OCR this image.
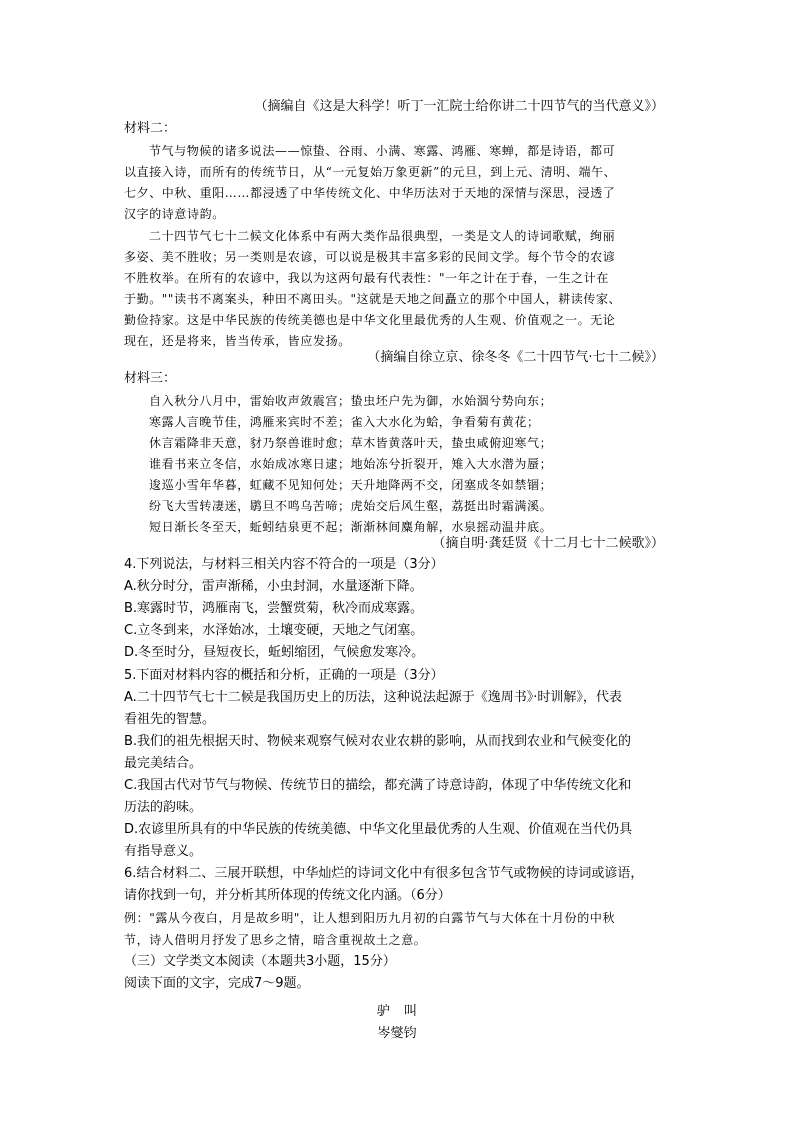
（摘编自《这是大科学！听丁一汇院士给你讲二十四节气的当代意义》）
材料二：
节气与物候的诸多说法——惊蛰、谷雨、小满、寒露、鸿雁、寒蝉，都是诗语，都可
以直接入诗，而所有的传统节日，从“一元复始万象更新”的元旦，到上元、清明、端午、
七夕、中秋、重阳……都浸透了中华传统文化、中华历法对于天地的深情与深思，浸透了
汉字的诗意诗韵。
二十四节气七十二候文化体系中有两大类作品很典型，一类是文人的诗词歌赋，绚丽
多姿、美不胜收；另一类则是农谚，可以说是极其丰富多彩的民间文学。每个节令的农谚
不胜枚举。在所有的农谚中，我以为这两句最有代表性："一年之计在于春，一生之计在
于勤。""读书不离案头，种田不离田头。"这就是天地之间矗立的那个中国人，耕读传家、
勤俭持家。这是中华民族的传统美德也是中华文化里最优秀的人生观、价值观之一。无论
现在，还是将来，皆当传承，皆应发扬。
（摘编自徐立京、徐冬冬《二十四节气·七十二候》）
材料三：
自入秋分八月中，雷始收声敛震宫；蛰虫坯户先为御，水始涸兮势向东；
寒露人言晚节佳，鸿雁来宾时不差；雀入大水化为蛤，争看菊有黄花；
休言霜降非天意，豺乃祭兽谁时愈；草木皆黄落叶天，蛰虫咸俯迎寒气；
谁看书来立冬信，水始成冰寒日逮；地始冻兮折裂开，雉入大水潜为蜃；
逡巡小雪年华暮，虹藏不见知何处；天升地降两不交，闭塞成冬如禁锢；
纷飞大雪转凄迷，鹖旦不鸣乌苦啼；虎始交后风生壑，荔挺出时霜满溪。
短日渐长冬至天，蚯蚓结泉更不起；渐渐林间麋角解，水泉摇动温井底。
（摘自明·龚廷贤《十二月七十二候歌》）
4.下列说法，与材料三相关内容不符合的一项是（3分）
A.秋分时分，雷声渐稀，小虫封洞，水量逐渐下降。
B.寒露时节，鸿雁南飞，尝蟹赏菊，秋冷而成寒露。
C.立冬到来，水泽始冰，土壤变硬，天地之气闭塞。
D.冬至时分，昼短夜长，蚯蚓缩团，气候愈发寒冷。
5.下面对材料内容的概括和分析，正确的一项是（3分）
A.二十四节气七十二候是我国历史上的历法，这种说法起源于《逸周书》·时训解》，代表
看祖先的智慧。
B.我们的祖先根据天时、物候来观察气候对农业农耕的影响，从而找到农业和气候变化的
最完美结合。
C.我国古代对节气与物候、传统节日的描绘，都充满了诗意诗韵，体现了中华传统文化和
历法的韵味。
D.农谚里所具有的中华民族的传统美德、中华文化里最优秀的人生观、价值观在当代仍具
有指导意义。
6.结合材料二、三展开联想，中华灿烂的诗词文化中有很多包含节气或物候的诗词或谚语，
请你找到一句，并分析其所体现的传统文化内涵。（6分）
例："露从今夜白，月是故乡明"，让人想到阳历九月初的白露节气与大体在十月份的中秋
节，诗人借明月抒发了思乡之情，暗含重视故土之意。
（三）文学类文本阅读（本题共3小题，15分）
阅读下面的文字，完成7～9题。
驴 叫
岑燮钧
